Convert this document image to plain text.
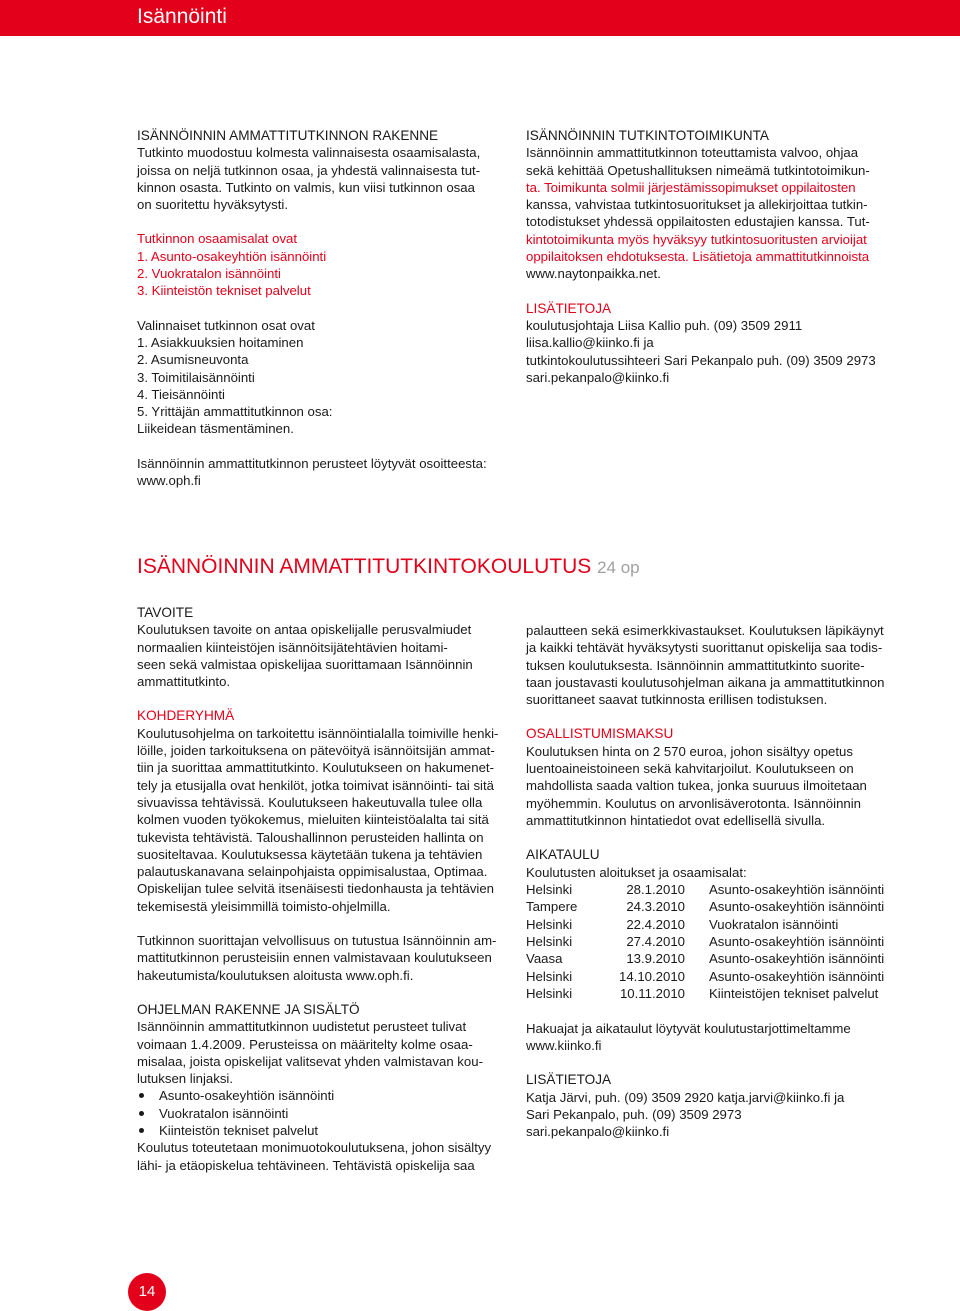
Isännöinti

ISÄNNÖINNIN AMMATTITUTKINNON RAKENNE

Tutkinto muodostuu kolmesta valinnaisesta osaamisalasta,

joissa on neljä tutkinnon osaa, ja yhdestä valinnaisesta tut-

kinnon osasta. Tutkinto on valmis, kun viisi tutkinnon osaa

on suoritettu hyväksytysti.

Tutkinnon osaamisalat ovat

1. Asunto-osakeyhtiön isännöinti
2. Vuokratalon isännöinti
3. Kiinteistön tekniset palvelut

Valinnaiset tutkinnon osat ovat

1. Asiakkuuksien hoitaminen
2. Asumisneuvonta
3. Toimitilaisännöinti
4. Tieisännöinti
5. Yrittäjän ammattitutkinnon osa:
Liikeidean täsmentäminen.

Isännöinnin ammattitutkinnon perusteet löytyvät osoitteesta:

www.oph.fi

ISÄNNÖINNIN TUTKINTOTOIMIKUNTA

Isännöinnin ammattitutkinnon toteuttamista valvoo, ohjaa

sekä kehittää Opetushallituksen nimeämä tutkintotoimikun-

ta. Toimikunta solmii järjestämissopimukset oppilaitosten

kanssa, vahvistaa tutkintosuoritukset ja allekirjoittaa tutkin-

totodistukset yhdessä oppilaitosten edustajien kanssa. Tut-

kintotoimikunta myös hyväksyy tutkintosuoritusten arvioijat

oppilaitoksen ehdotuksesta. Lisätietoja ammattitutkinnoista

www.naytonpaikka.net.

LISÄTIETOJA

koulutusjohtaja Liisa Kallio puh. (09) 3509 2911

liisa.kallio@kiinko.fi ja

tutkintokoulutussihteeri Sari Pekanpalo puh. (09) 3509 2973

sari.pekanpalo@kiinko.fi

ISÄNNÖINNIN AMMATTITUTKINTOKOULUTUS 24 op

TAVOITE

Koulutuksen tavoite on antaa opiskelijalle perusvalmiudet

normaalien kiinteistöjen isännöitsijätehtävien hoitami-

seen sekä valmistaa opiskelijaa suorittamaan Isännöinnin

ammattitutkinto.

KOHDERYHMÄ

Koulutusohjelma on tarkoitettu isännöintialalla toimiville henki-

löille, joiden tarkoituksena on pätevöityä isännöitsijän ammat-

tiin ja suorittaa ammattitutkinto. Koulutukseen on hakumenet-

tely ja etusijalla ovat henkilöt, jotka toimivat isännöinti- tai sitä

sivuavissa tehtävissä. Koulutukseen hakeutuvalla tulee olla

kolmen vuoden työkokemus, mieluiten kiinteistöalalta tai sitä

tukevista tehtävistä. Taloushallinnon perusteiden hallinta on

suositeltavaa. Koulutuksessa käytetään tukena ja tehtävien

palautuskanavana selainpohjaista oppimisalustaa, Optimaa.

Opiskelijan tulee selvitä itsenäisesti tiedonhausta ja tehtävien

tekemisestä yleisimmillä toimisto-ohjelmilla.

Tutkinnon suorittajan velvollisuus on tutustua Isännöinnin am-

mattitutkinnon perusteisiin ennen valmistavaan koulutukseen

hakeutumista/koulutuksen aloitusta www.oph.fi.

OHJELMAN RAKENNE JA SISÄLTÖ

Isännöinnin ammattitutkinnon uudistetut perusteet tulivat

voimaan 1.4.2009. Perusteissa on määritelty kolme osaa-

misalaa, joista opiskelijat valitsevat yhden valmistavan kou-

lutuksen linjaksi.

Asunto-osakeyhtiön isännöinti
Vuokratalon isännöinti
Kiinteistön tekniset palvelut

Koulutus toteutetaan monimuotokoulutuksena, johon sisältyy

lähi- ja etäopiskelua tehtävineen. Tehtävistä opiskelija saa

palautteen sekä esimerkkivastaukset. Koulutuksen läpikäynyt

ja kaikki tehtävät hyväksytysti suorittanut opiskelija saa todis-

tuksen koulutuksesta. Isännöinnin ammattitutkinto suorite-

taan joustavasti koulutusohjelman aikana ja ammattitutkinnon

suorittaneet saavat tutkinnosta erillisen todistuksen.

OSALLISTUMISMAKSU

Koulutuksen hinta on 2 570 euroa, johon sisältyy opetus

luentoaineistoineen sekä kahvitarjoilut. Koulutukseen on

mahdollista saada valtion tukea, jonka suuruus ilmoitetaan

myöhemmin. Koulutus on arvonlisäverotonta. Isännöinnin

ammattitutkinnon hintatiedot ovat edellisellä sivulla.

AIKATAULU

Koulutusten aloitukset ja osaamisalat:

Helsinki	28.1.2010	Asunto-osakeyhtiön isännöinti
Tampere	24.3.2010	Asunto-osakeyhtiön isännöinti
Helsinki	22.4.2010	Vuokratalon isännöinti
Helsinki	27.4.2010	Asunto-osakeyhtiön isännöinti
Vaasa	13.9.2010	Asunto-osakeyhtiön isännöinti
Helsinki	14.10.2010	Asunto-osakeyhtiön isännöinti
Helsinki	10.11.2010	Kiinteistöjen tekniset palvelut

Hakuajat ja aikataulut löytyvät koulutustarjottimeltamme

www.kiinko.fi

LISÄTIETOJA

Katja Järvi, puh. (09) 3509 2920 katja.jarvi@kiinko.fi ja

Sari Pekanpalo, puh. (09) 3509 2973

sari.pekanpalo@kiinko.fi

14
